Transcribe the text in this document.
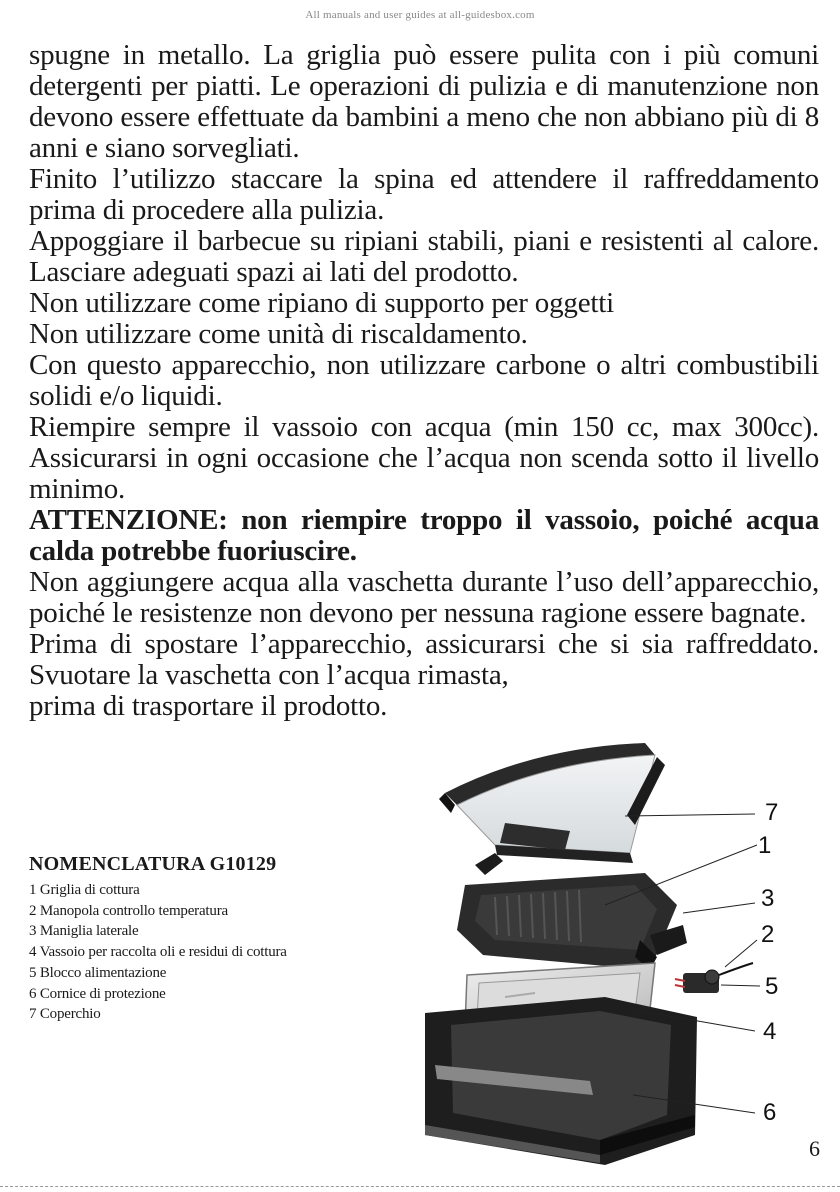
All manuals and user guides at all-guidesbox.com

spugne in metallo. La griglia può essere pulita con i più comuni detergenti per piatti. Le operazioni di pulizia e di manutenzione non devono essere effettuate da bambini a meno che non abbiano più di 8 anni e siano sorvegliati.

Finito l’utilizzo staccare la spina ed attendere il raffreddamento prima di procedere alla pulizia.

Appoggiare il barbecue su ripiani stabili, piani e resistenti al calore. Lasciare adeguati spazi ai lati del prodotto.

Non utilizzare come ripiano di supporto per oggetti

Non utilizzare come unità di riscaldamento.

Con questo apparecchio, non utilizzare carbone o altri combustibili solidi e/o liquidi.

Riempire sempre il vassoio con acqua (min 150 cc, max 300cc). Assicurarsi in ogni occasione che l’acqua non scenda sotto il livello minimo.

ATTENZIONE: non riempire troppo il vassoio, poiché acqua calda potrebbe fuoriuscire.

Non aggiungere acqua alla vaschetta durante l’uso dell’apparecchio, poiché le resistenze non devono per nessuna ragione essere bagnate.

Prima di spostare l’apparecchio, assicurarsi che si sia raffreddato. Svuotare la vaschetta con l’acqua rimasta,

prima di trasportare il prodotto.

NOMENCLATURA G10129
1 Griglia di cottura
2 Manopola controllo temperatura
3 Maniglia laterale
4 Vassoio per raccolta oli e residui di cottura
5 Blocco alimentazione
6 Cornice di protezione
7 Coperchio
7
1
3
2
5
4
6
6
